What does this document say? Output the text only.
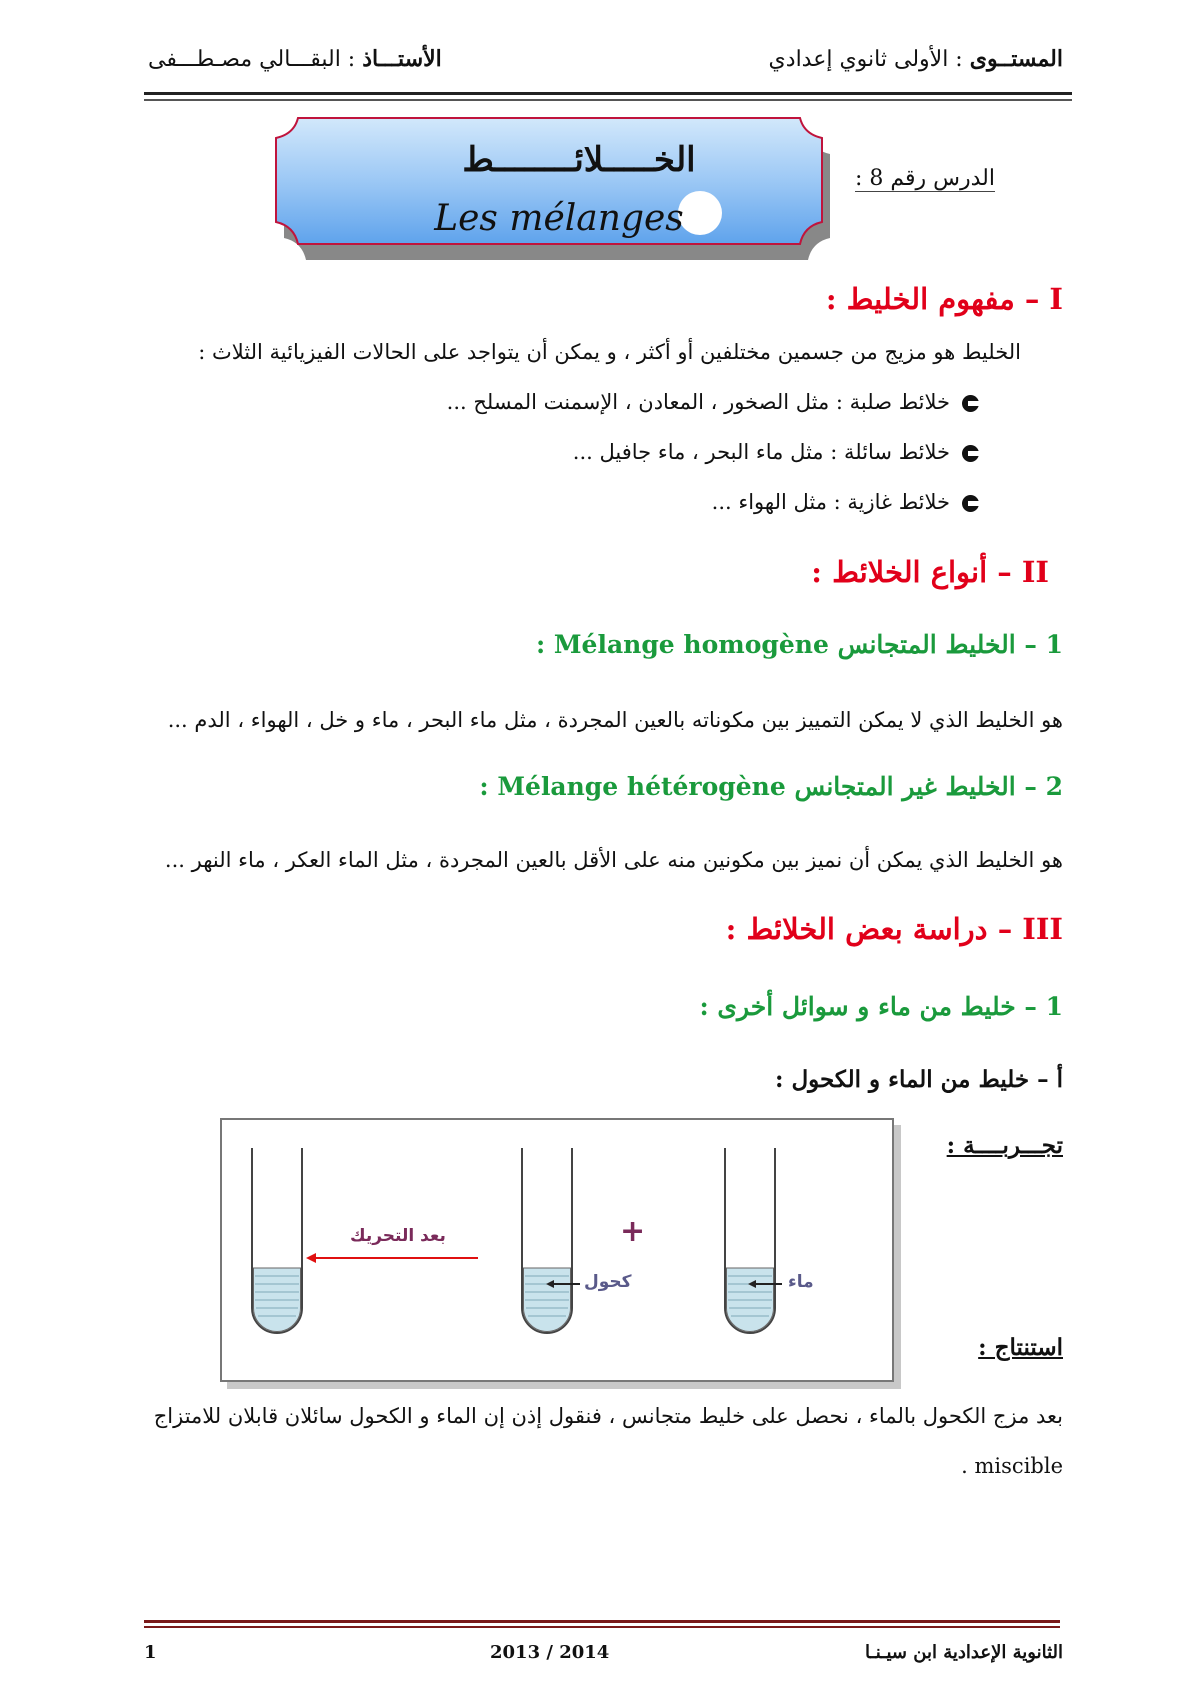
المستــوى : الأولى ثانوي إعدادي
الأستـــاذ : البقـــالي مصـطـــفى
الخـــــلائــــــــط
Les mélanges
الدرس رقم 8 :
I – مفهوم الخليط :
الخليط هو مزيج من جسمين مختلفين أو أكثر ، و يمكن أن يتواجد على الحالات الفيزيائية الثلاث :
خلائط صلبة : مثل الصخور ، المعادن ، الإسمنت المسلح ...
خلائط سائلة : مثل ماء البحر ، ماء جافيل ...
خلائط غازية : مثل الهواء ...
II – أنواع الخلائط :
1 – الخليط المتجانس Mélange homogène :
هو الخليط الذي لا يمكن التمييز بين مكوناته بالعين المجردة ، مثل ماء البحر ، ماء و خل ، الهواء ، الدم ...
2 – الخليط غير المتجانس Mélange hétérogène :
هو الخليط الذي يمكن أن نميز بين مكونين منه على الأقل بالعين المجردة ، مثل الماء العكر ، ماء النهر ...
III – دراسة بعض الخلائط :
1 – خليط من ماء و سوائل أخرى :
أ – خليط من الماء و الكحول :
تجـــربــــة :
بعد التحريك	+
كحول	ماء
استنتاج :
بعد مزج الكحول بالماء ، نحصل على خليط متجانس ، فنقول إذن إن الماء و الكحول سائلان قابلان للامتزاج
. miscible
1	2013 / 2014	الثانوية الإعدادية ابن سيـنـا
